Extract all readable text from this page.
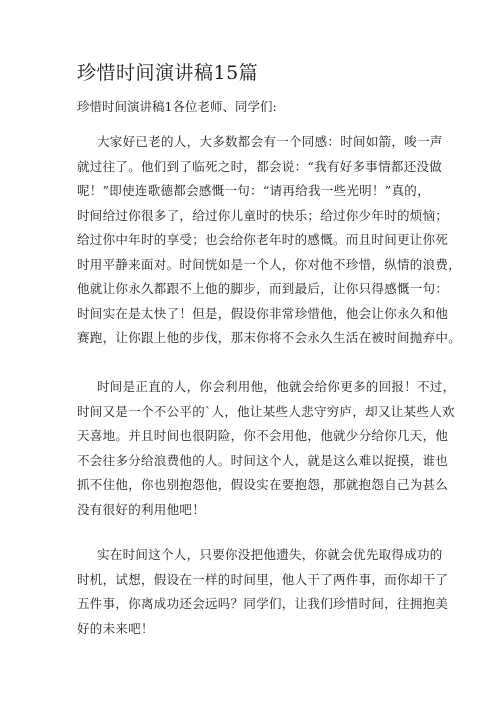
珍惜时间演讲稿15篇
珍惜时间演讲稿1各位老师、同学们:
大家好已老的人，大多数都会有一个同感：时间如箭，唆一声
就过往了。他们到了临死之时，都会说：“我有好多事情都还没做
呢！”即使连歌德都会感慨一句：“请再给我一些光明！”真的，
时间给过你很多了，给过你儿童时的快乐；给过你少年时的烦恼；
给过你中年时的享受；也会给你老年时的感慨。而且时间更让你死
时用平静来面对。时间恍如是一个人，你对他不珍惜，纵情的浪费，
他就让你永久都跟不上他的脚步，而到最后，让你只得感慨一句：
时间实在是太快了！但是，假设你非常珍惜他，他会让你永久和他
赛跑，让你跟上他的步伐，那末你将不会永久生活在被时间抛弃中。
时间是正直的人，你会利用他，他就会给你更多的回报！不过，
时间又是一个不公平的`人，他让某些人悲守穷庐，却又让某些人欢
天喜地。并且时间也很阴险，你不会用他，他就少分给你几天，他
不会往多分给浪费他的人。时间这个人，就是这么难以捉摸，谁也
抓不住他，你也别抱怨他，假设实在要抱怨，那就抱怨自己为甚么
没有很好的利用他吧！
实在时间这个人，只要你没把他遗失，你就会优先取得成功的
时机，试想，假设在一样的时间里，他人干了两件事，而你却干了
五件事，你离成功还会远吗？同学们，让我们珍惜时间，往拥抱美
好的未来吧！
